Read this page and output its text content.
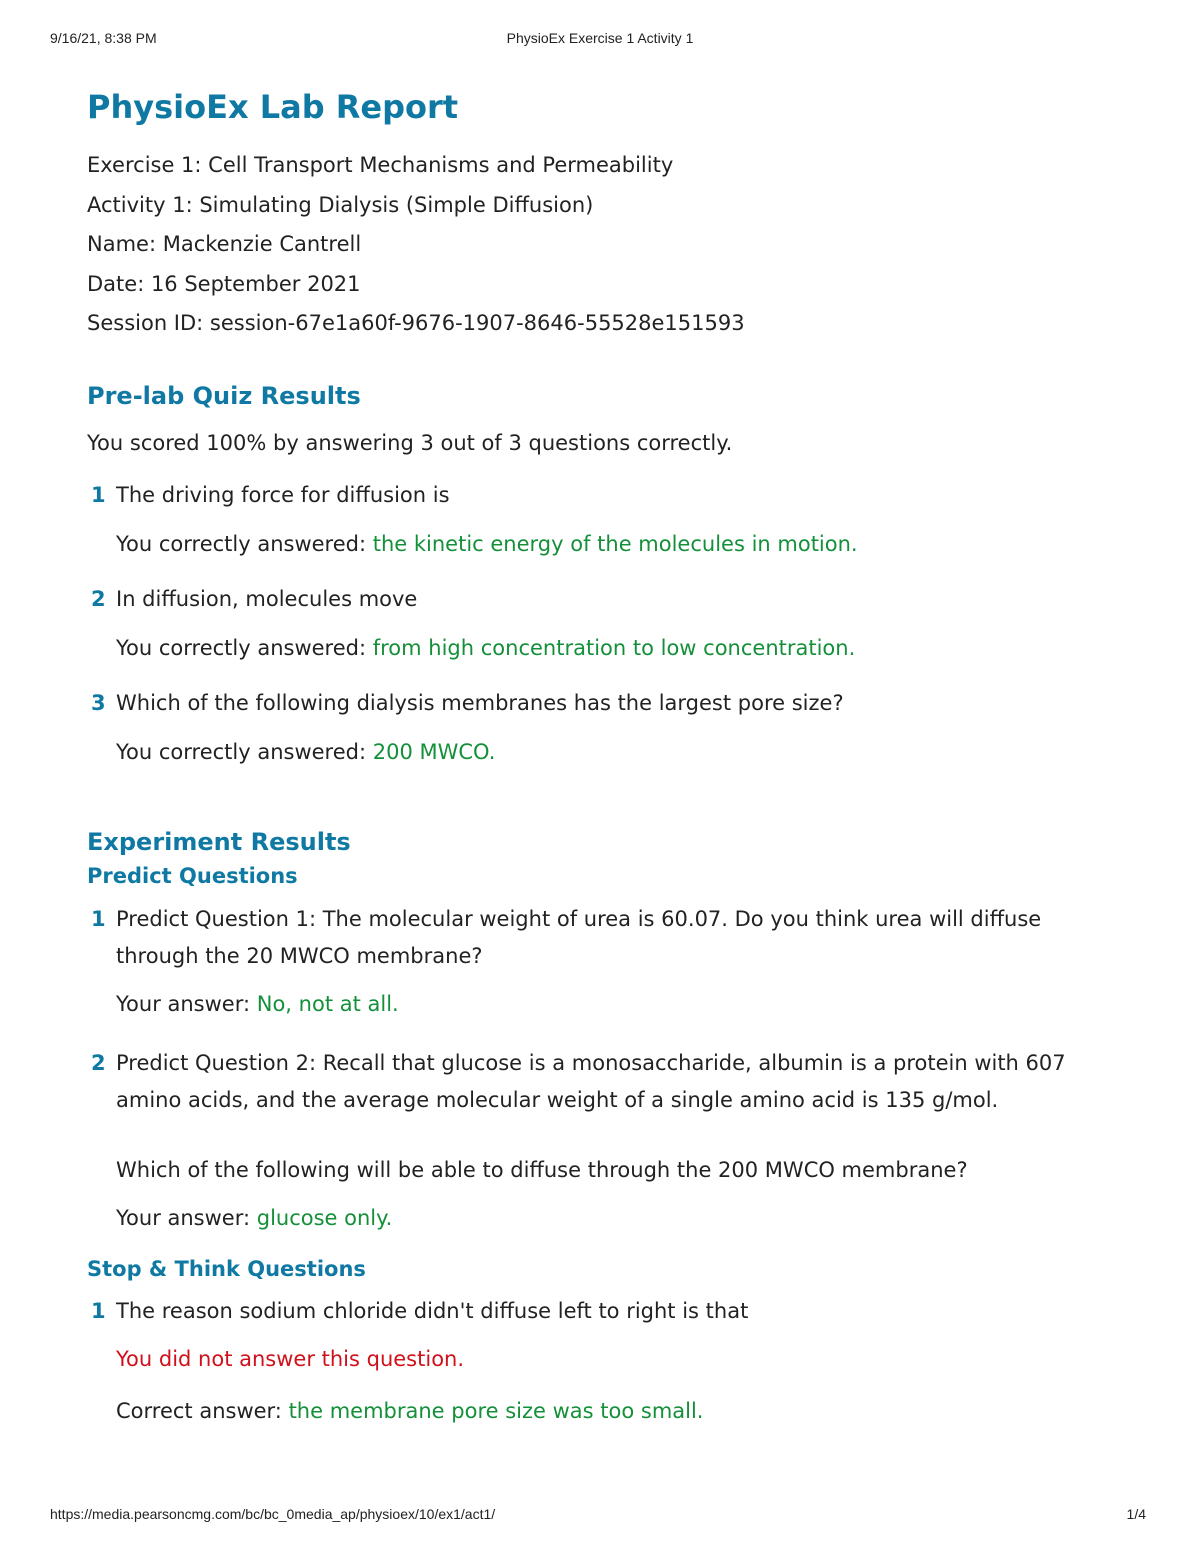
9/16/21, 8:38 PM	PhysioEx Exercise 1 Activity 1
PhysioEx Lab Report
Exercise 1: Cell Transport Mechanisms and Permeability
Activity 1: Simulating Dialysis (Simple Diffusion)
Name: Mackenzie Cantrell
Date: 16 September 2021
Session ID: session-67e1a60f-9676-1907-8646-55528e151593
Pre-lab Quiz Results
You scored 100% by answering 3 out of 3 questions correctly.
1 The driving force for diffusion is
You correctly answered: the kinetic energy of the molecules in motion.
2 In diffusion, molecules move
You correctly answered: from high concentration to low concentration.
3 Which of the following dialysis membranes has the largest pore size?
You correctly answered: 200 MWCO.
Experiment Results
Predict Questions
1 Predict Question 1: The molecular weight of urea is 60.07. Do you think urea will diffuse through the 20 MWCO membrane?
Your answer: No, not at all.
2 Predict Question 2: Recall that glucose is a monosaccharide, albumin is a protein with 607 amino acids, and the average molecular weight of a single amino acid is 135 g/mol.
Which of the following will be able to diffuse through the 200 MWCO membrane?
Your answer: glucose only.
Stop & Think Questions
1 The reason sodium chloride didn't diffuse left to right is that
You did not answer this question.
Correct answer: the membrane pore size was too small.
https://media.pearsoncmg.com/bc/bc_0media_ap/physioex/10/ex1/act1/	1/4
